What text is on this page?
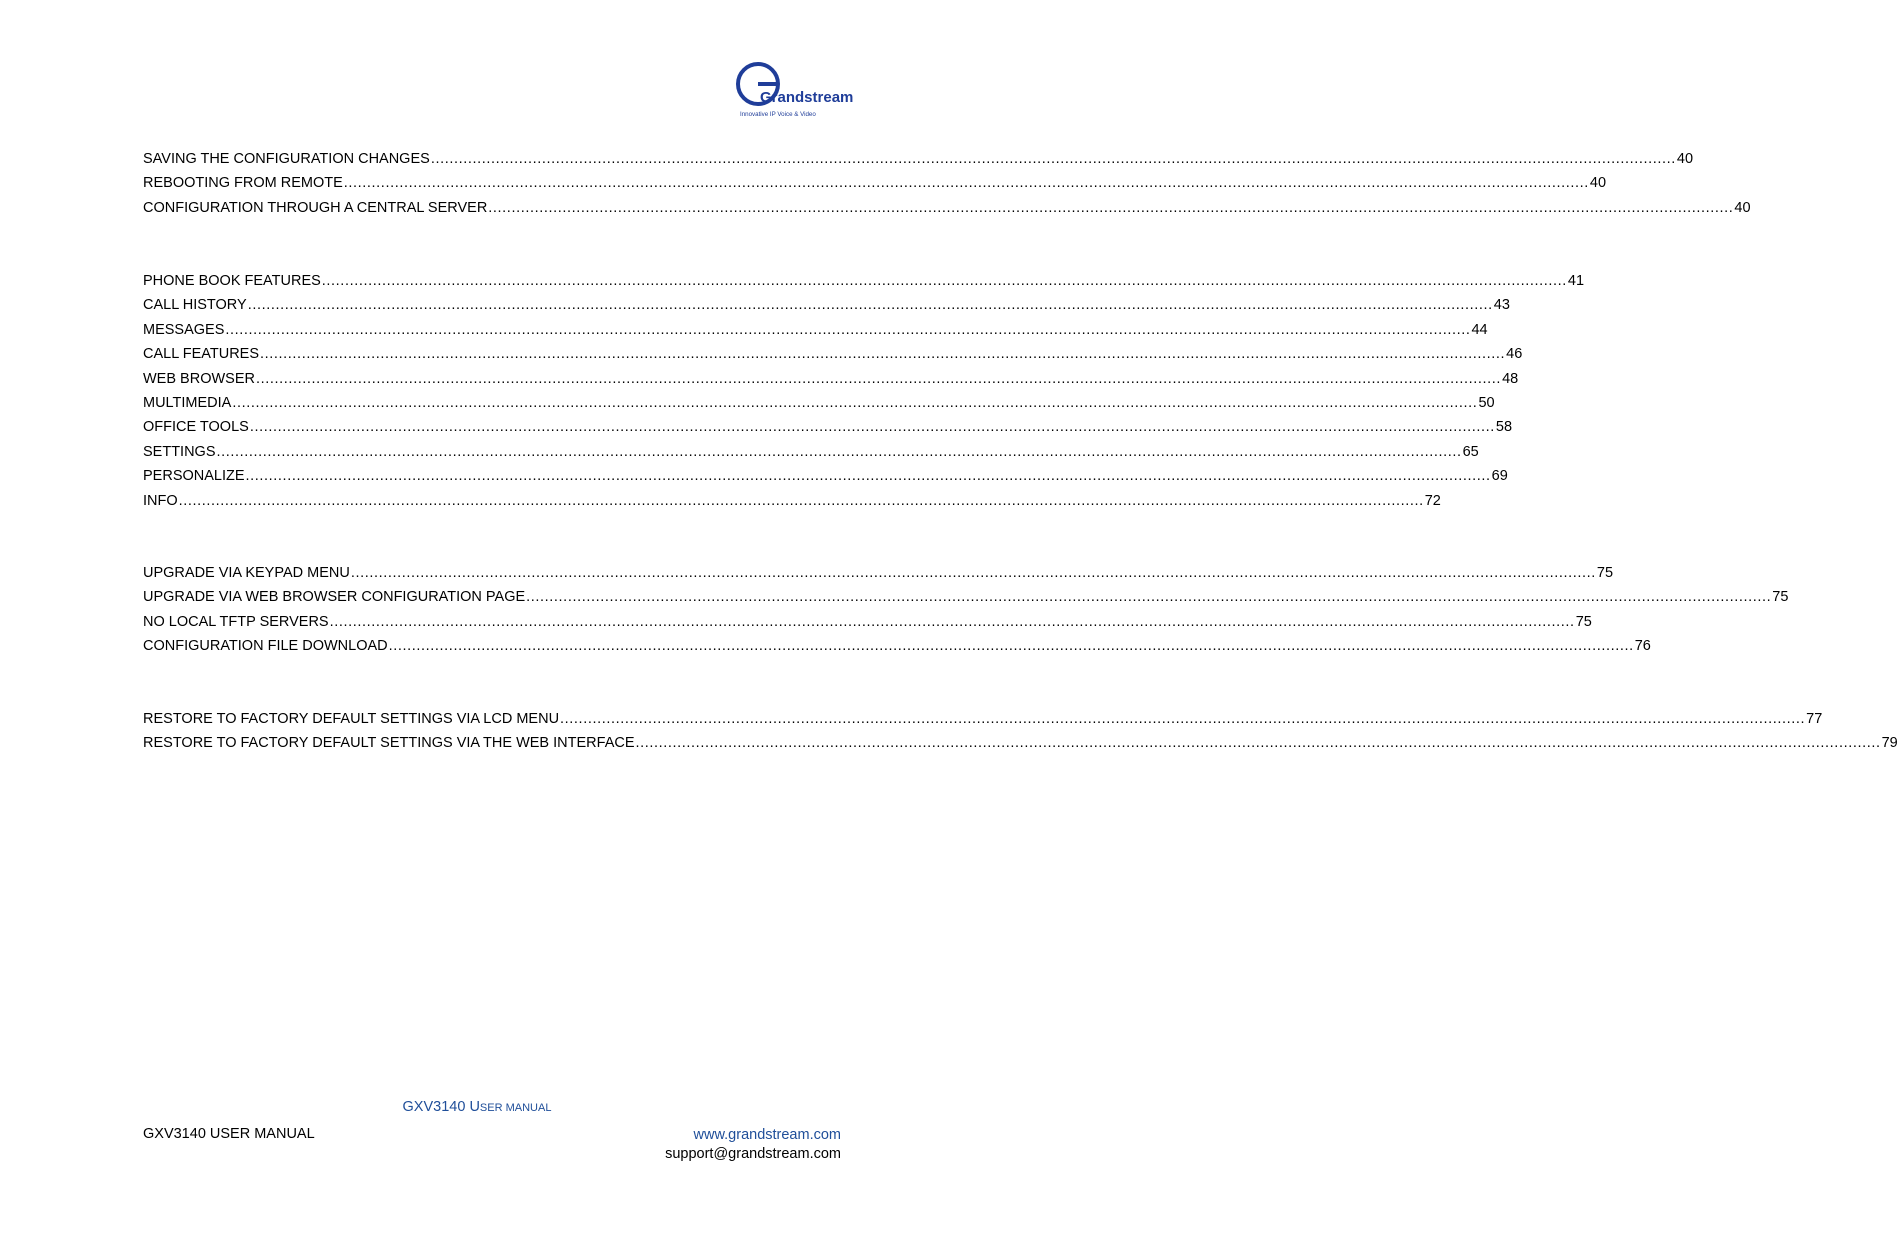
Grandstream
Innovative IP Voice & Video
SAVING THE CONFIGURATION CHANGES .....	40
REBOOTING FROM REMOTE .....	40
CONFIGURATION THROUGH A CENTRAL SERVER .....	40
PHONE BOOK FEATURES .....	41
CALL HISTORY .....	43
MESSAGES .....	44
CALL FEATURES .....	46
WEB BROWSER .....	48
MULTIMEDIA .....	50
OFFICE TOOLS .....	58
SETTINGS .....	65
PERSONALIZE .....	69
INFO .....	72
UPGRADE VIA KEYPAD MENU .....	75
UPGRADE VIA WEB BROWSER CONFIGURATION PAGE .....	75
NO LOCAL TFTP SERVERS .....	75
CONFIGURATION FILE DOWNLOAD .....	76
RESTORE TO FACTORY DEFAULT SETTINGS VIA LCD MENU .....	77
RESTORE TO FACTORY DEFAULT SETTINGS VIA THE WEB INTERFACE .....	79
GXV3140 USER MANUAL
GXV3140 USER MANUAL	www.grandstream.com
support@grandstream.com
